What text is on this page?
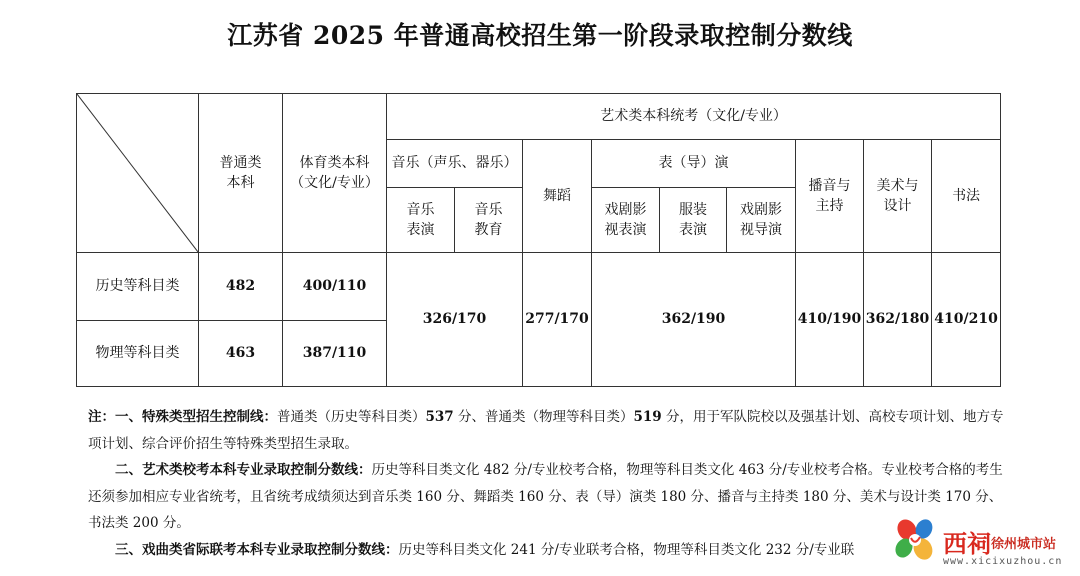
江苏省 2025 年普通高校招生第一阶段录取控制分数线

普通类本科	体育类本科（文化/专业）	艺术类本科统考（文化/专业）								
			音乐（声乐、器乐）		舞蹈	表（导）演			播音与主持	美术与设计	书法

			音乐表演	音乐教育		戏剧影视表演	服装表演	戏剧影视导演			

历史等科目类	482	400/110	326/170		277/170	362/190			410/190	362/180	410/210
物理等科目类	463	387/110									

注：一、特殊类型招生控制线：普通类（历史等科目类）537 分、普通类（物理等科目类）519 分，用于军队院校以及强基计划、高校专项计划、地方专项计划、综合评价招生等特殊类型招生录取。

二、艺术类校考本科专业录取控制分数线：历史等科目类文化 482 分/专业校考合格，物理等科目类文化 463 分/专业校考合格。专业校考合格的考生还须参加相应专业省统考，且省统考成绩须达到音乐类 160 分、舞蹈类 160 分、表（导）演类 180 分、播音与主持类 180 分、美术与设计类 170 分、书法类 200 分。

三、戏曲类省际联考本科专业录取控制分数线：历史等科目类文化 241 分/专业联考合格，物理等科目类文化 232 分/专业联	西祠$^{徐州城市站}$
www.xicixuzhou.cn
